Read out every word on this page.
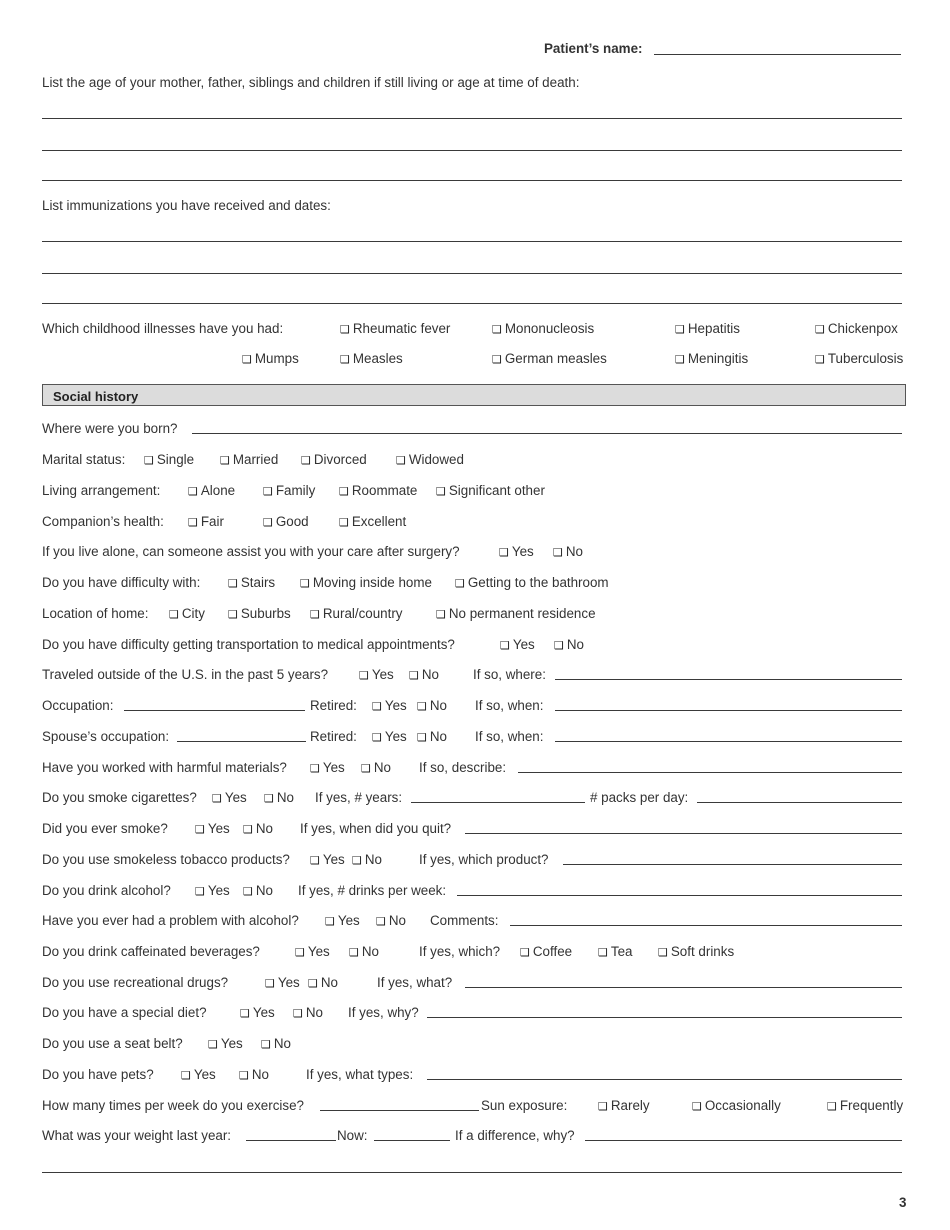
Patient’s name:
List the age of your mother, father, siblings and children if still living or age at time of death:
List immunizations you have received and dates:
Which childhood illnesses have you had:	❑ Rheumatic fever	❑ Mononucleosis	❑ Hepatitis	❑ Chickenpox
❑ Mumps	❑ Measles	❑ German measles	❑ Meningitis	❑ Tuberculosis
Social history
Where were you born?
Marital status: ❑ Single ❑ Married ❑ Divorced	❑ Widowed
Living arrangement:	❑ Alone	❑ Family ❑ Roommate ❑ Significant other
Companion’s health: ❑ Fair	❑ Good	❑ Excellent
If you live alone, can someone assist you with your care after surgery?	❑ Yes ❑ No
Do you have difficulty with:	❑ Stairs ❑ Moving inside home ❑ Getting to the bathroom
Location of home: ❑ City ❑ Suburbs ❑ Rural/country	❑ No permanent residence
Do you have difficulty getting transportation to medical appointments?	❑ Yes ❑ No
Traveled outside of the U.S. in the past 5 years?	❑ Yes ❑ No	If so, where:
Occupation:	Retired: ❑ Yes ❑ No If so, when:
Spouse’s occupation:	Retired: ❑ Yes ❑ No If so, when:
Have you worked with harmful materials? ❑ Yes ❑ No If so, describe:
Do you smoke cigarettes? ❑ Yes ❑ No If yes, # years:	# packs per day:
Did you ever smoke? ❑ Yes ❑ No If yes, when did you quit?
Do you use smokeless tobacco products? ❑ Yes ❑ No	If yes, which product?
Do you drink alcohol? ❑ Yes ❑ No If yes, # drinks per week:
Have you ever had a problem with alcohol? ❑ Yes ❑ No Comments:
Do you drink caffeinated beverages?	❑ Yes ❑ No	If yes, which? ❑ Coffee ❑ Tea ❑ Soft drinks
Do you use recreational drugs?	❑ Yes ❑ No	If yes, what?
Do you have a special diet?	❑ Yes ❑ No If yes, why?
Do you use a seat belt? ❑ Yes ❑ No
Do you have pets? ❑ Yes ❑ No	If yes, what types:
How many times per week do you exercise?	Sun exposure:	❑ Rarely	❑ Occasionally	❑ Frequently
What was your weight last year:	Now:	If a difference, why?
3
